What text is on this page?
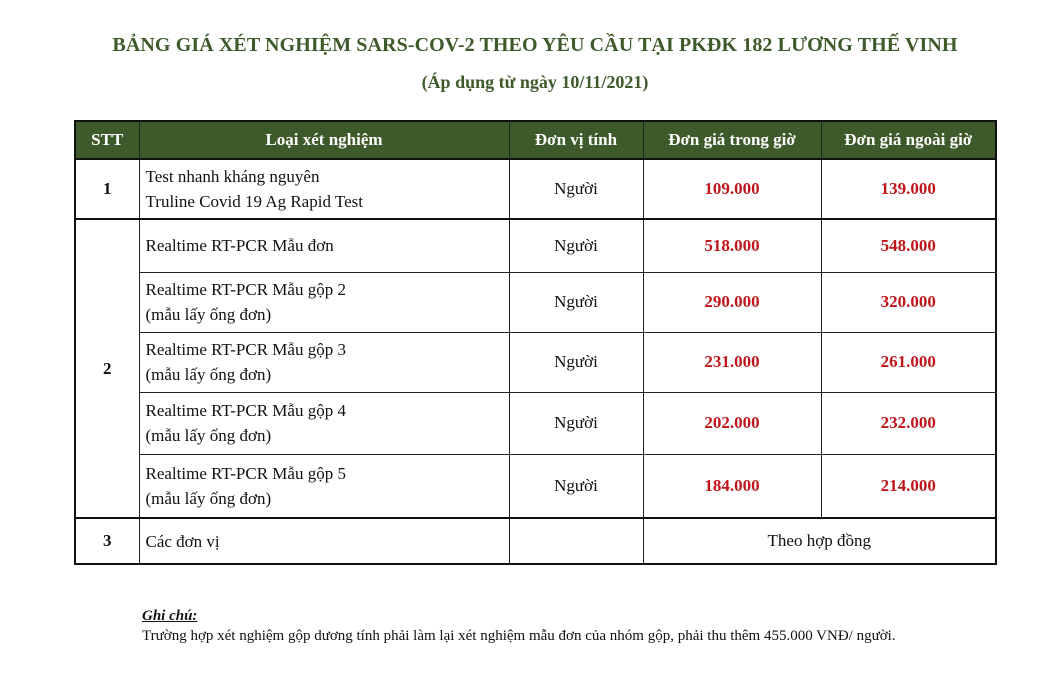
BẢNG GIÁ XÉT NGHIỆM SARS-COV-2 THEO YÊU CẦU TẠI PKĐK 182 LƯƠNG THẾ VINH
(Áp dụng từ ngày 10/11/2021)
STT	Loại xét nghiệm	Đơn vị tính	Đơn giá trong giờ	Đơn giá ngoài giờ
1	Test nhanh kháng nguyên
Truline Covid 19 Ag Rapid Test	Người	109.000	139.000
2	Realtime RT-PCR Mẫu đơn	Người	518.000	548.000

	Realtime RT-PCR Mẫu gộp 2
(mẫu lấy ống đơn)	Người	290.000	320.000

	Realtime RT-PCR Mẫu gộp 3
(mẫu lấy ống đơn)	Người	231.000	261.000

	Realtime RT-PCR Mẫu gộp 4
(mẫu lấy ống đơn)	Người	202.000	232.000

	Realtime RT-PCR Mẫu gộp 5
(mẫu lấy ống đơn)	Người	184.000	214.000
3	Các đơn vị		Theo hợp đồng	
Ghi chú:
Trường hợp xét nghiệm gộp dương tính phải làm lại xét nghiệm mẫu đơn của nhóm gộp, phải thu thêm 455.000 VNĐ/ người.
